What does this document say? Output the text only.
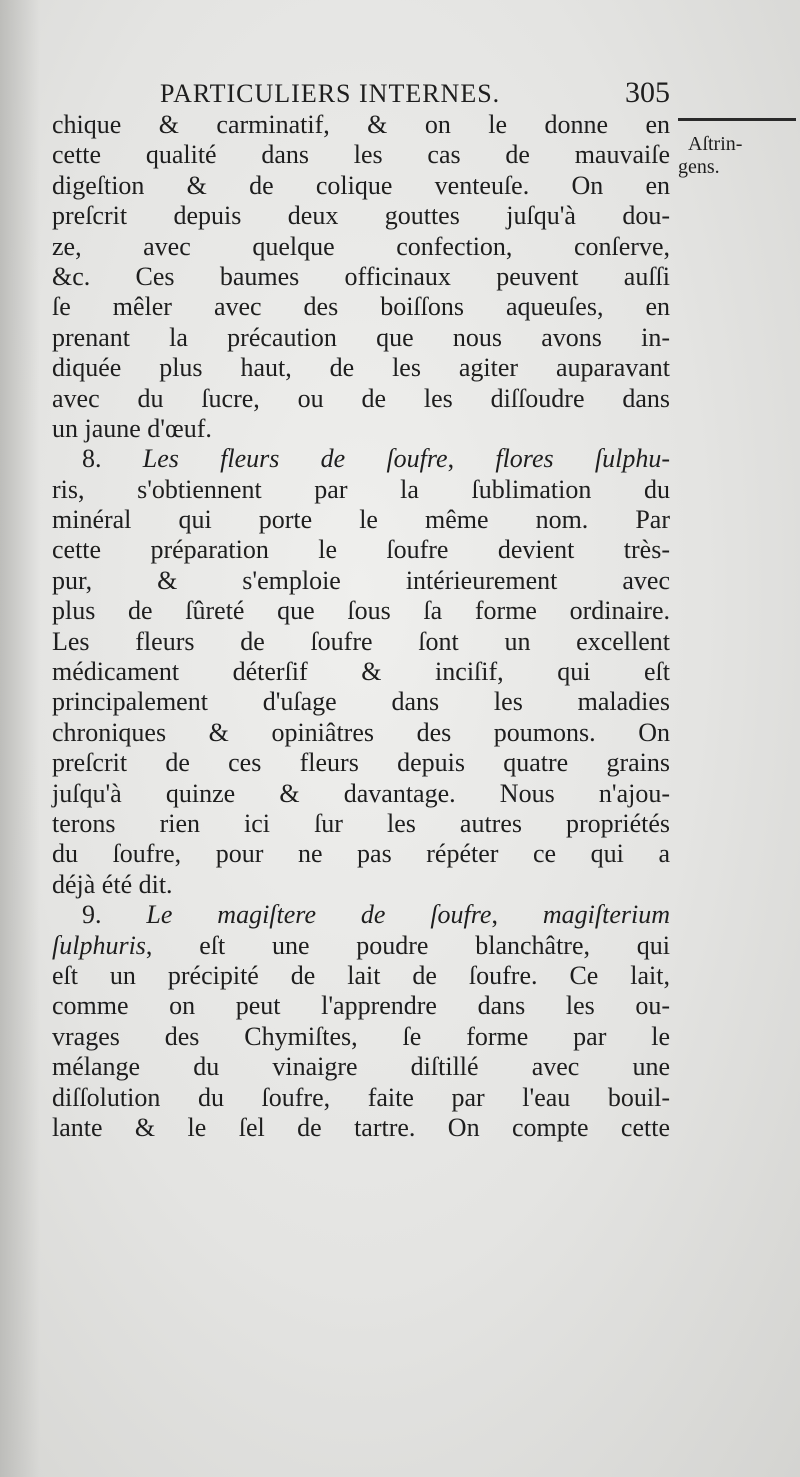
PARTICULIERS INTERNES.	305
Aſtrin-
gens.
chique & carminatif, & on le donne en
cette qualité dans les cas de mauvaiſe
digeſtion & de colique venteuſe. On en
preſcrit depuis deux gouttes juſqu'à dou-
ze, avec quelque confection, conſerve,
&c. Ces baumes officinaux peuvent auſſi
ſe mêler avec des boiſſons aqueuſes, en
prenant la précaution que nous avons in-
diquée plus haut, de les agiter auparavant
avec du ſucre, ou de les diſſoudre dans
un jaune d'œuf.
8. Les fleurs de ſoufre, flores ſulphu-
ris, s'obtiennent par la ſublimation du
minéral qui porte le même nom. Par
cette préparation le ſoufre devient très-
pur, & s'emploie intérieurement avec
plus de ſûreté que ſous ſa forme ordinaire.
Les fleurs de ſoufre ſont un excellent
médicament déterſif & inciſif, qui eſt
principalement d'uſage dans les maladies
chroniques & opiniâtres des poumons. On
preſcrit de ces fleurs depuis quatre grains
juſqu'à quinze & davantage. Nous n'ajou-
terons rien ici ſur les autres propriétés
du ſoufre, pour ne pas répéter ce qui a
déjà été dit.
9. Le magiſtere de ſoufre, magiſterium
ſulphuris, eſt une poudre blanchâtre, qui
eſt un précipité de lait de ſoufre. Ce lait,
comme on peut l'apprendre dans les ou-
vrages des Chymiſtes, ſe forme par le
mélange du vinaigre diſtillé avec une
diſſolution du ſoufre, faite par l'eau bouil-
lante & le ſel de tartre. On compte cette
